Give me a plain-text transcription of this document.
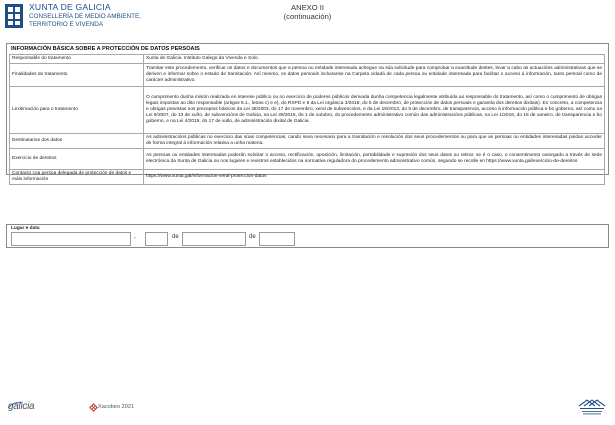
XUNTA DE GALICIA
CONSELLERÍA DE MEDIO AMBIENTE,
TERRITORIO E VIVENDA
ANEXO II
(continuación)
INFORMACIÓN BÁSICA SOBRE A PROTECCIÓN DE DATOS PERSOAIS
Responsable do tratamento	Xunta de Galicia. Instituto Galego da Vivenda e Solo.
Finalidades do tratamento	Tramitar este procedemento, verificar os datos e documentos que a persoa ou entidade interesada achegue na súa solicitude para comprobar a exactitude destes, levar a cabo as actuacións administrativas que se deriven e informar sobre o estado de tramitación. Así mesmo, os datos persoais incluiranse na Carpeta cidadá de cada persoa ou entidade interesada para facilitar o acceso á información, tanto persoal como de carácter administrativo.
Lexitimación para o tratamento	O cumprimento dunha misión realizada en interese público ou no exercicio de poderes públicos derivada dunha competencia legalmente atribuída ao responsable do tratamento, así como o cumprimento de obrigas legais impostas ao dito responsable (artigos 6.1., letras c) e e), do RXPD e 8 da Lei orgánica 3/2018, do 5 de decembro, de protección de datos persoais e garantía dos dereitos dixitais). En concreto, a competencia e obrigas previstas nos preceptos básicos da Lei 38/2003, do 17 de novembro, xeral de subvencións, e da Lei 19/2013, do 9 de decembro, de transparencia, acceso á información pública e bo goberno, así como na Lei 9/2007, do 13 de xuño, de subvencións de Galicia, na Lei 39/2015, do 1 de outubro, do procedemento administrativo común das administracións públicas, na Lei 1/2016, do 18 de xaneiro, de transparencia e bo goberno, e na Lei 4/2019, do 17 de xullo, de administración dixital de Galicia.
Destinatarios dos datos	As administracións públicas no exercicio das súas competencias, cando sexa necesario para a tramitación e resolución dos seus procedementos ou para que as persoas ou entidades interesadas poidan acceder de forma integral á información relativa a unha materia.
Exercicio de dereitos	As persoas ou entidades interesadas poderán solicitar o acceso, rectificación, oposición, limitación, portabilidade e supresión dos seus datos ou retirar, se é o caso, o consentimento outorgado a través de sede electrónica da Xunta de Galicia ou nos lugares e rexistros establecidos na normativa reguladora do procedemento administrativo común, segundo se recolle en https://www.xunta.gal/exercicio-de-dereitos
Contacto coa persoa delegada de protección de datos e máis información	https://www.xunta.gal/informacion-xeral-proteccion-datos
Lugar e data
,	de	de
galicia	Xacobeo 2021
